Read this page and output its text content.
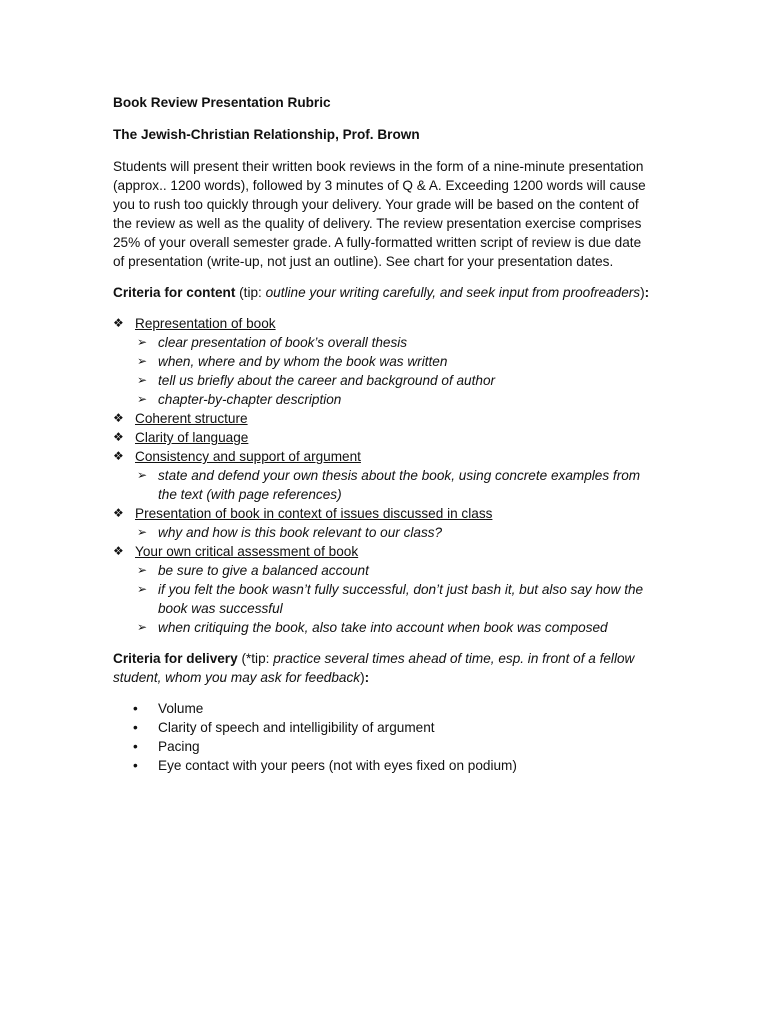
Book Review Presentation Rubric
The Jewish-Christian Relationship, Prof. Brown
Students will present their written book reviews in the form of a nine-minute presentation (approx.. 1200 words), followed by 3 minutes of Q & A. Exceeding 1200 words will cause you to rush too quickly through your delivery. Your grade will be based on the content of the review as well as the quality of delivery. The review presentation exercise comprises 25% of your overall semester grade. A fully-formatted written script of review is due date of presentation (write-up, not just an outline). See chart for your presentation dates.
Criteria for content (tip: outline your writing carefully, and seek input from proofreaders):
❖ Representation of book
➢ clear presentation of book’s overall thesis
➢ when, where and by whom the book was written
➢ tell us briefly about the career and background of author
➢ chapter-by-chapter description
❖ Coherent structure
❖ Clarity of language
❖ Consistency and support of argument
➢ state and defend your own thesis about the book, using concrete examples from the text (with page references)
❖ Presentation of book in context of issues discussed in class
➢ why and how is this book relevant to our class?
❖ Your own critical assessment of book
➢ be sure to give a balanced account
➢ if you felt the book wasn’t fully successful, don’t just bash it, but also say how the book was successful
➢ when critiquing the book, also take into account when book was composed
Criteria for delivery (*tip: practice several times ahead of time, esp. in front of a fellow student, whom you may ask for feedback):
• Volume
• Clarity of speech and intelligibility of argument
• Pacing
• Eye contact with your peers (not with eyes fixed on podium)
